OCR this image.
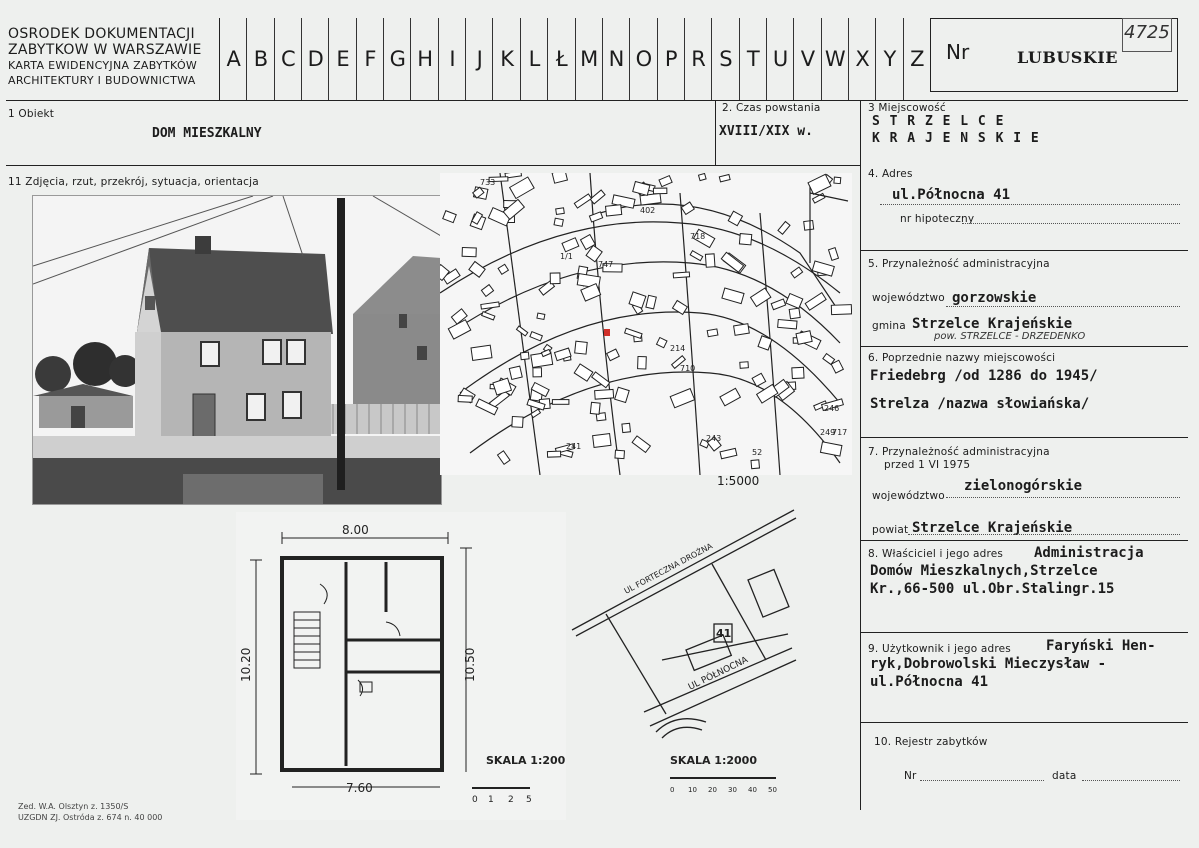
OSRODEK DOKUMENTACJI
ZABYTKOW W WARSZAWIE
KARTA EWIDENCYJNA ZABYTKÓW
ARCHITEKTURY I BUDOWNICTWA
A B C D E F G H I	J K L Ł M N O P R S T U V W X Y Z	Nr	LUBUSKIE
4725
1 Obiekt
DOM MIESZKALNY
2. Czas powstania
XVIII/XIX w.
3 Miejscowość
S T R Z E L C E
K R A J E N S K I E
11 Zdjęcia, rzut, przekrój, sytuacja, orientacja	733
402
718
1/1
214
710
249
52
717
246
243
241
747
1:5000
8.00
7.60
10.20	10.50
SKALA 1:200
0 1 2 5
41
UL FORTECZNA DROŻNA
UL PÓŁNOCNA
SKALA 1:2000
0 10 20 30 40 50
4. Adres
ul.Północna 41
nr hipoteczny
5. Przynależność administracyjna
województwo gorzowskie
gmina Strzelce Krajeńskie
pow. STRZELCE - DRZEDENKO
6. Poprzednie nazwy miejscowości
Friedebrg /od 1286 do 1945/
Strelza /nazwa słowiańska/
7. Przynależność administracyjna
przed 1 VI 1975
województwo
zielonogórskie
powiat Strzelce Krajeńskie
8. Właściciel i jego adres Administracja
Domów Mieszkalnych,Strzelce
Kr.,66-500 ul.Obr.Stalingr.15
9. Użytkownik i jego adres	Faryński Hen-
ryk,Dobrowolski Mieczysław -
ul.Północna 41
10. Rejestr zabytków
Nr	data
Zed. W.A. Olsztyn z. 1350/S
UZGDN ZJ. Ostróda z. 674 n. 40 000
